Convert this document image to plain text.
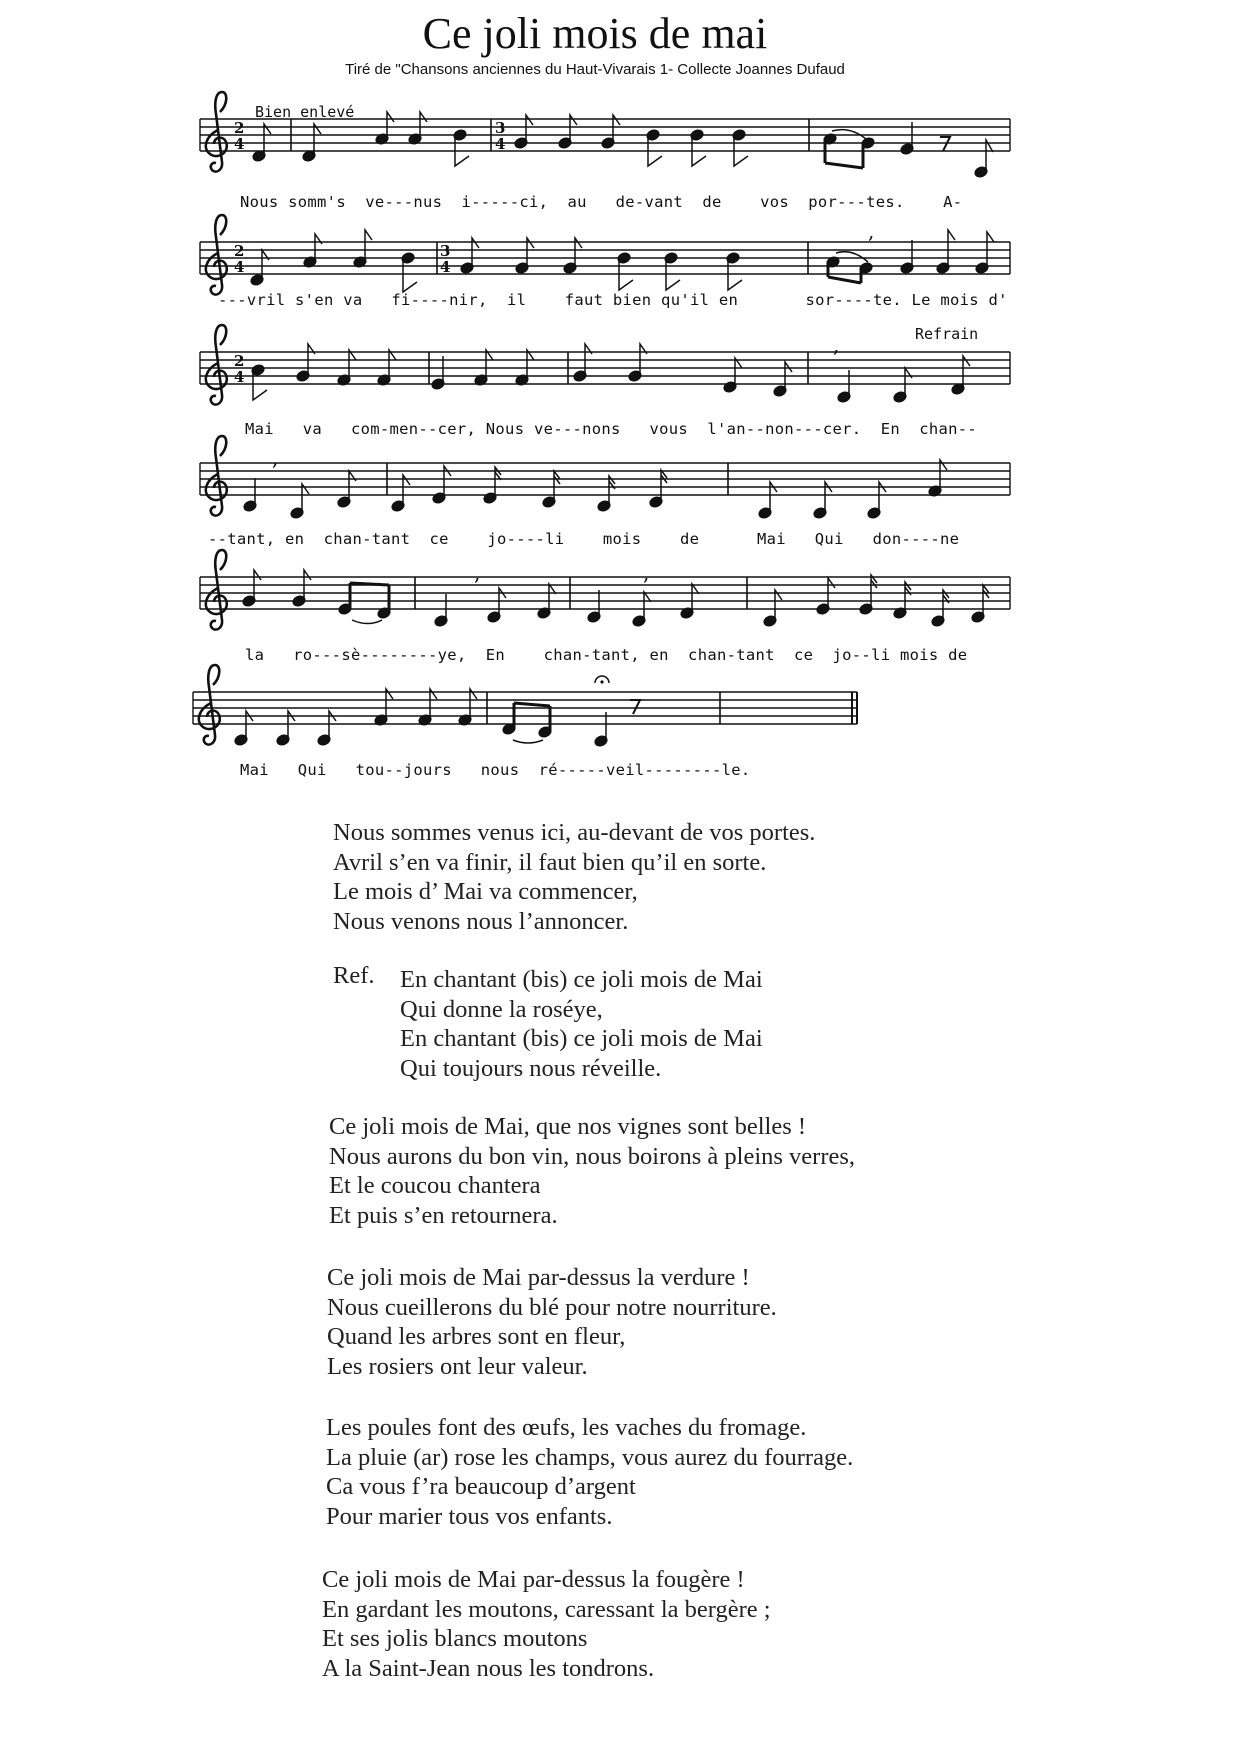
Ce joli mois de mai
Tiré de "Chansons anciennes du Haut-Vivarais 1- Collecte Joannes Dufaud
Bien enlevé
Refrain
2
4
3
4
2
4
3
4
2
4
,
,
,
,	,
Nous somm's  ve---nus  i-----ci,  au   de-vant  de    vos  por---tes.    A-
---vril s'en va   fi----nir,  il    faut bien qu'il en       sor----te. Le mois d'
Mai   va   com-men--cer, Nous ve---nons   vous  l'an--non---cer.  En  chan--
--tant, en  chan-tant  ce    jo----li    mois    de      Mai   Qui   don----ne
la   ro---sè--------ye,  En    chan-tant, en  chan-tant  ce  jo--li mois de
Mai   Qui   tou--jours   nous  ré-----veil--------le.
Nous sommes venus ici, au-devant de vos portes.
Avril s’en va finir, il faut bien qu’il en sorte.
Le mois d’ Mai va commencer,
Nous venons nous l’annoncer.
Ref. En chantant (bis) ce joli mois de Mai
Qui donne la roséye,
En chantant (bis) ce joli mois de Mai
Qui toujours nous réveille.
Ce joli mois de Mai, que nos vignes sont belles !
Nous aurons du bon vin, nous boirons à pleins verres,
Et le coucou chantera
Et puis s’en retournera.
Ce joli mois de Mai par-dessus la verdure !
Nous cueillerons du blé pour notre nourriture.
Quand les arbres sont en fleur,
Les rosiers ont leur valeur.
Les poules font des œufs, les vaches du fromage.
La pluie (ar) rose les champs, vous aurez du fourrage.
Ca vous f’ra beaucoup d’argent
Pour marier tous vos enfants.
Ce joli mois de Mai par-dessus la fougère !
En gardant les moutons, caressant la bergère ;
Et ses jolis blancs moutons
A la Saint-Jean nous les tondrons.
